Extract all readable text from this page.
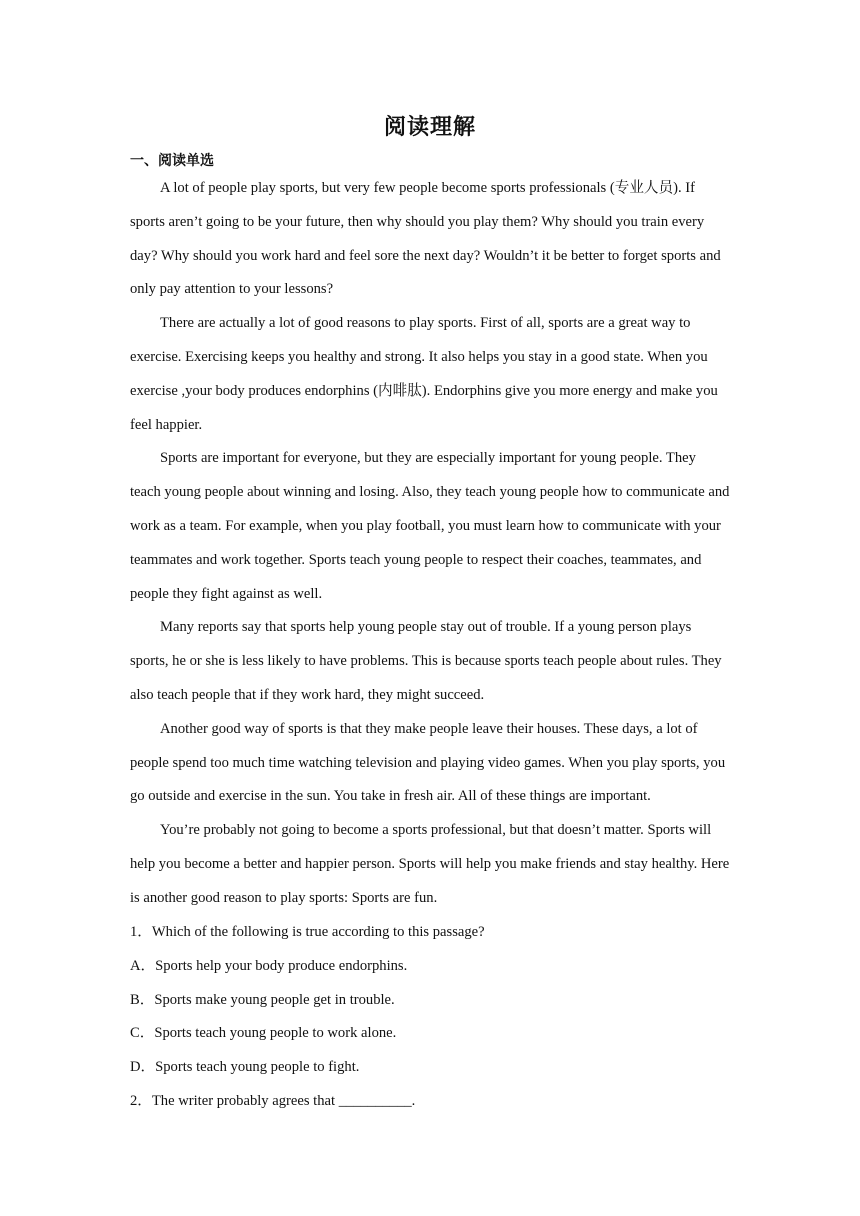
阅读理解
一、阅读单选

A lot of people play sports, but very few people become sports professionals (专业人员). If sports aren’t going to be your future, then why should you play them? Why should you train every day? Why should you work hard and feel sore the next day? Wouldn’t it be better to forget sports and only pay attention to your lessons?

There are actually a lot of good reasons to play sports. First of all, sports are a great way to exercise. Exercising keeps you healthy and strong. It also helps you stay in a good state. When you exercise ,your body produces endorphins (内啡肽). Endorphins give you more energy and make you feel happier.

Sports are important for everyone, but they are especially important for young people. They teach young people about winning and losing. Also, they teach young people how to communicate and work as a team. For example, when you play football, you must learn how to communicate with your teammates and work together. Sports teach young people to respect their coaches, teammates, and people they fight against as well.

Many reports say that sports help young people stay out of trouble. If a young person plays sports, he or she is less likely to have problems. This is because sports teach people about rules. They also teach people that if they work hard, they might succeed.

Another good way of sports is that they make people leave their houses. These days, a lot of people spend too much time watching television and playing video games. When you play sports, you go outside and exercise in the sun. You take in fresh air. All of these things are important.

You’re probably not going to become a sports professional, but that doesn’t matter. Sports will help you become a better and happier person. Sports will help you make friends and stay healthy. Here is another good reason to play sports: Sports are fun.

1．Which of the following is true according to this passage?
A．Sports help your body produce endorphins.
B．Sports make young people get in trouble.
C．Sports teach young people to work alone.
D．Sports teach young people to fight.
2．The writer probably agrees that __________.
